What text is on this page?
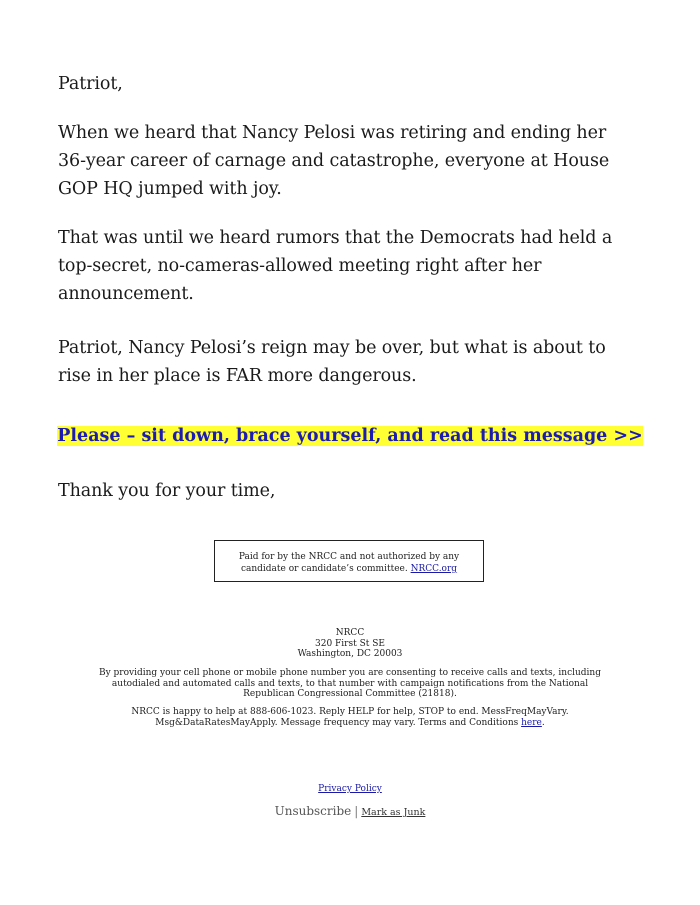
Patriot,
When we heard that Nancy Pelosi was retiring and ending her 36-year career of carnage and catastrophe, everyone at House GOP HQ jumped with joy.
That was until we heard rumors that the Democrats had held a top-secret, no-cameras-allowed meeting right after her announcement.
Patriot, Nancy Pelosi’s reign may be over, but what is about to rise in her place is FAR more dangerous.
Please – sit down, brace yourself, and read this message >>
Thank you for your time,
Paid for by the NRCC and not authorized by any candidate or candidate’s committee. NRCC.org
NRCC
320 First St SE
Washington, DC 20003
By providing your cell phone or mobile phone number you are consenting to receive calls and texts, including autodialed and automated calls and texts, to that number with campaign notifications from the National Republican Congressional Committee (21818).
NRCC is happy to help at 888-606-1023. Reply HELP for help, STOP to end. MessFreqMayVary. Msg&DataRatesMayApply. Message frequency may vary. Terms and Conditions here.
Privacy Policy
Unsubscribe | Mark as Junk
